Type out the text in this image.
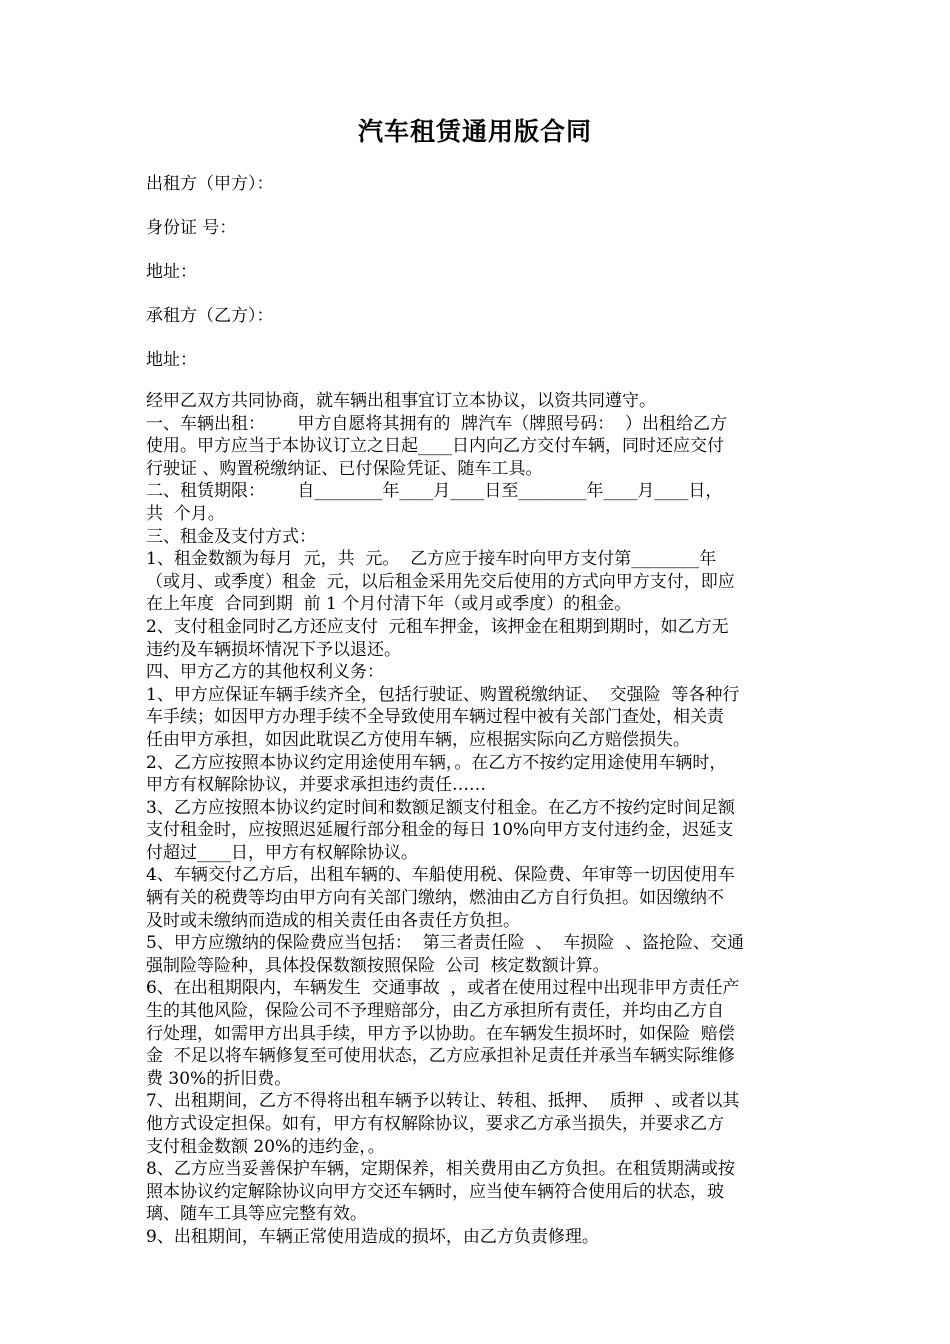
汽车租赁通用版合同
出租方（甲方）：
身份证 号：
地址：
承租方（乙方）：
地址：
经甲乙双方共同协商，就车辆出租事宜订立本协议，以资共同遵守。
一、车辆出租：      甲方自愿将其拥有的  牌汽车（牌照号码：  ）出租给乙方
使用。甲方应当于本协议订立之日起____日内向乙方交付车辆，同时还应交付
行驶证 、购置税缴纳证、已付保险凭证、随车工具。
二、租赁期限：      自________年____月____日至________年____月____日，
共  个月。
三、租金及支付方式：
1、租金数额为每月  元，共  元。  乙方应于接车时向甲方支付第________年
（或月、或季度）租金  元，以后租金采用先交后使用的方式向甲方支付，即应
在上年度  合同到期  前 1 个月付清下年（或月或季度）的租金。
2、支付租金同时乙方还应支付  元租车押金，该押金在租期到期时，如乙方无
违约及车辆损坏情况下予以退还。
四、甲方乙方的其他权利义务：
1、甲方应保证车辆手续齐全，包括行驶证、购置税缴纳证、  交强险  等各种行
车手续；如因甲方办理手续不全导致使用车辆过程中被有关部门查处，相关责
任由甲方承担，如因此耽误乙方使用车辆，应根据实际向乙方赔偿损失。
2、乙方应按照本协议约定用途使用车辆，。在乙方不按约定用途使用车辆时，
甲方有权解除协议，并要求承担违约责任……
3、乙方应按照本协议约定时间和数额足额支付租金。在乙方不按约定时间足额
支付租金时，应按照迟延履行部分租金的每日 10%向甲方支付违约金，迟延支
付超过____日，甲方有权解除协议。
4、车辆交付乙方后，出租车辆的、车船使用税、保险费、年审等一切因使用车
辆有关的税费等均由甲方向有关部门缴纳，燃油由乙方自行负担。如因缴纳不
及时或未缴纳而造成的相关责任由各责任方负担。
5、甲方应缴纳的保险费应当包括：  第三者责任险  、  车损险  、盗抢险、交通
强制险等险种，具体投保数额按照保险  公司  核定数额计算。
6、在出租期限内，车辆发生  交通事故  ，或者在使用过程中出现非甲方责任产
生的其他风险，保险公司不予理赔部分，由乙方承担所有责任，并均由乙方自
行处理，如需甲方出具手续，甲方予以协助。在车辆发生损坏时，如保险  赔偿
金  不足以将车辆修复至可使用状态，乙方应承担补足责任并承当车辆实际维修
费 30%的折旧费。
7、出租期间，乙方不得将出租车辆予以转让、转租、抵押、  质押  、或者以其
他方式设定担保。如有，甲方有权解除协议，要求乙方承当损失，并要求乙方
支付租金数额 20%的违约金，。
8、乙方应当妥善保护车辆，定期保养，相关费用由乙方负担。在租赁期满或按
照本协议约定解除协议向甲方交还车辆时，应当使车辆符合使用后的状态，玻
璃、随车工具等应完整有效。
9、出租期间，车辆正常使用造成的损坏，由乙方负责修理。
